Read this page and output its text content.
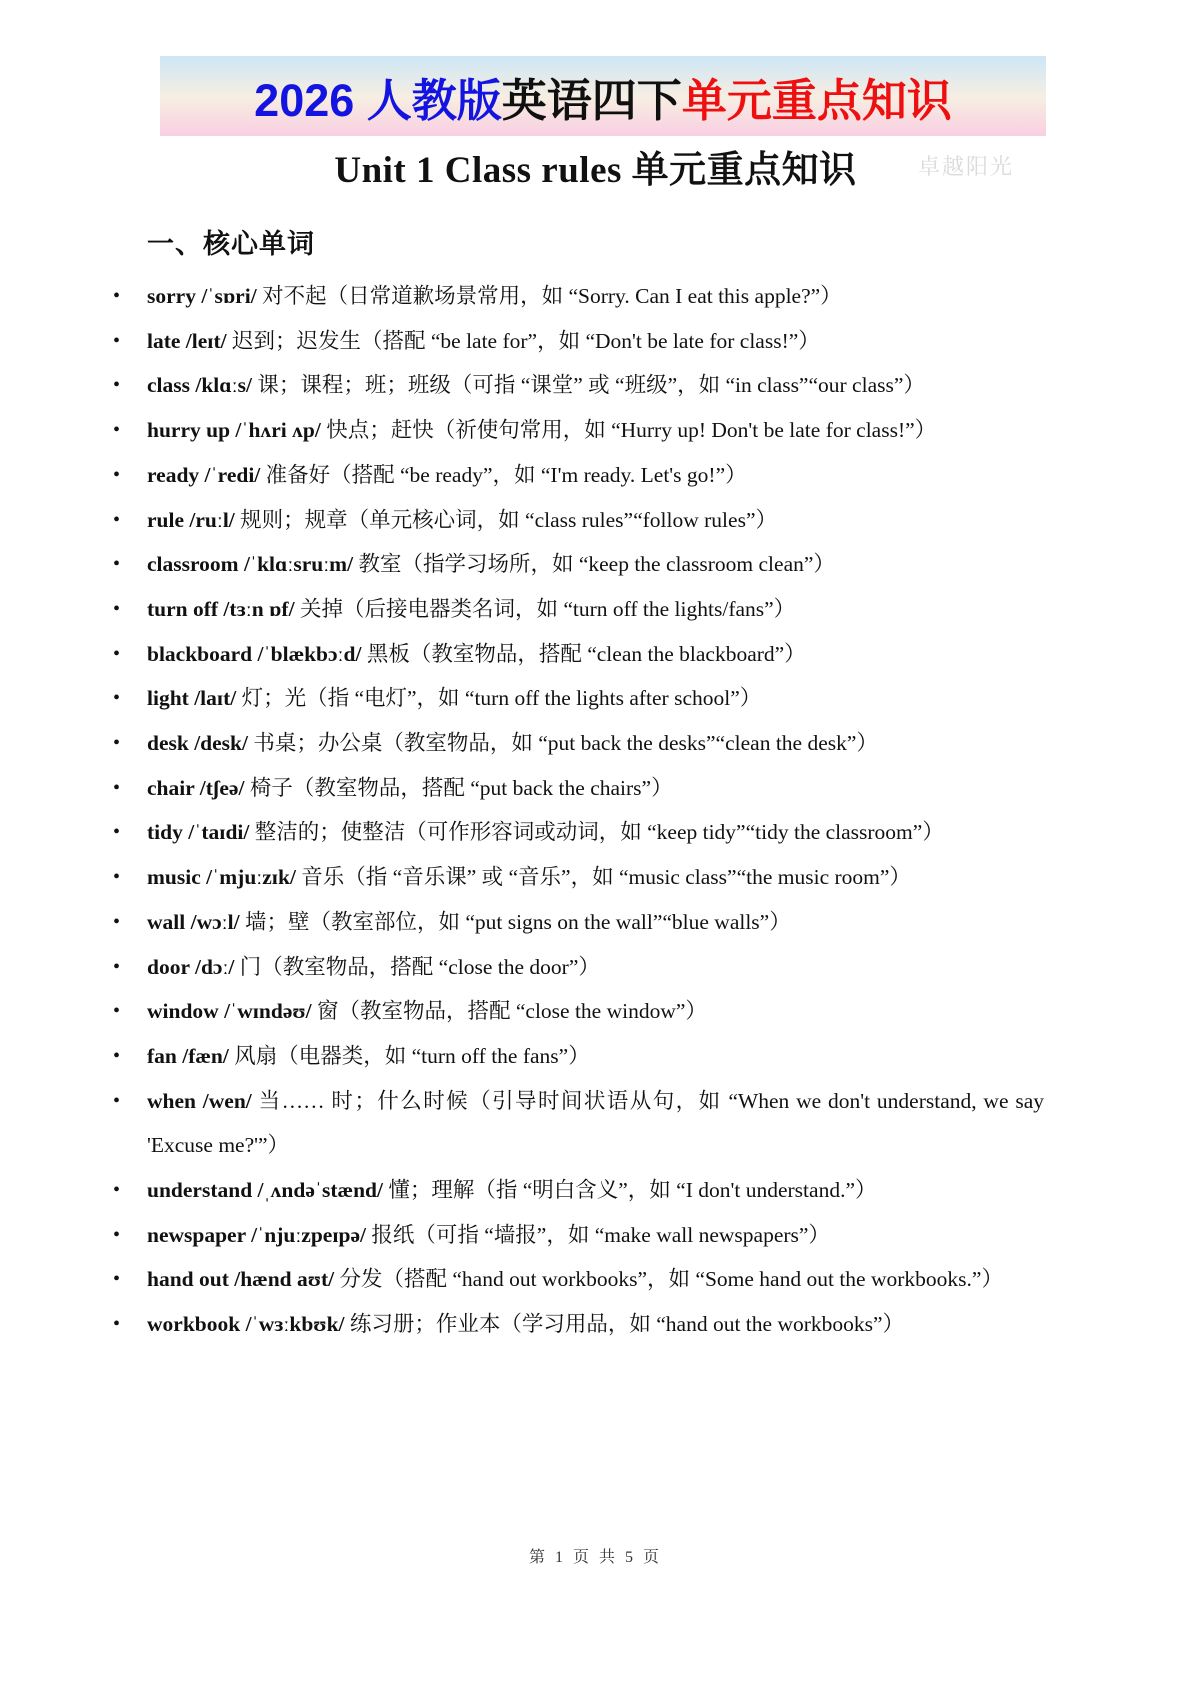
2026 人教版 英语四下 单元重点知识
Unit 1 Class rules 单元重点知识	卓越阳光
一、核心单词
• sorry /ˈsɒri/ 对不起（日常道歉场景常用，如 “Sorry. Can I eat this apple?”）
• late /leɪt/ 迟到；迟发生（搭配 “be late for”，如 “Don't be late for class!”）
• class /klɑːs/ 课；课程；班；班级（可指 “课堂” 或 “班级”，如 “in class”“our class”）
• hurry up /ˈhʌri ʌp/ 快点；赶快（祈使句常用，如 “Hurry up! Don't be late for class!”）
• ready /ˈredi/ 准备好（搭配 “be ready”，如 “I'm ready. Let's go!”）
• rule /ruːl/ 规则；规章（单元核心词，如 “class rules”“follow rules”）
• classroom /ˈklɑːsruːm/ 教室（指学习场所，如 “keep the classroom clean”）
• turn off /tɜːn ɒf/ 关掉（后接电器类名词，如 “turn off the lights/fans”）
• blackboard /ˈblækbɔːd/ 黑板（教室物品，搭配 “clean the blackboard”）
• light /laɪt/ 灯；光（指 “电灯”，如 “turn off the lights after school”）
• desk /desk/ 书桌；办公桌（教室物品，如 “put back the desks”“clean the desk”）
• chair /tʃeə/ 椅子（教室物品，搭配 “put back the chairs”）
• tidy /ˈtaɪdi/ 整洁的；使整洁（可作形容词或动词，如 “keep tidy”“tidy the classroom”）
• music /ˈmjuːzɪk/ 音乐（指 “音乐课” 或 “音乐”，如 “music class”“the music room”）
• wall /wɔːl/ 墙；壁（教室部位，如 “put signs on the wall”“blue walls”）
• door /dɔː/ 门（教室物品，搭配 “close the door”）
• window /ˈwɪndəʊ/ 窗（教室物品，搭配 “close the window”）
• fan /fæn/ 风扇（电器类，如 “turn off the fans”）
• when /wen/ 当…… 时；什么时候（引导时间状语从句，如 “When we don't understand, we say 'Excuse me?'”）
• understand /ˌʌndəˈstænd/ 懂；理解（指 “明白含义”，如 “I don't understand.”）
• newspaper /ˈnjuːzpeɪpə/ 报纸（可指 “墙报”，如 “make wall newspapers”）
• hand out /hænd aʊt/ 分发（搭配 “hand out workbooks”，如 “Some hand out the workbooks.”）
• workbook /ˈwɜːkbʊk/ 练习册；作业本（学习用品，如 “hand out the workbooks”）
第 1 页 共 5 页
